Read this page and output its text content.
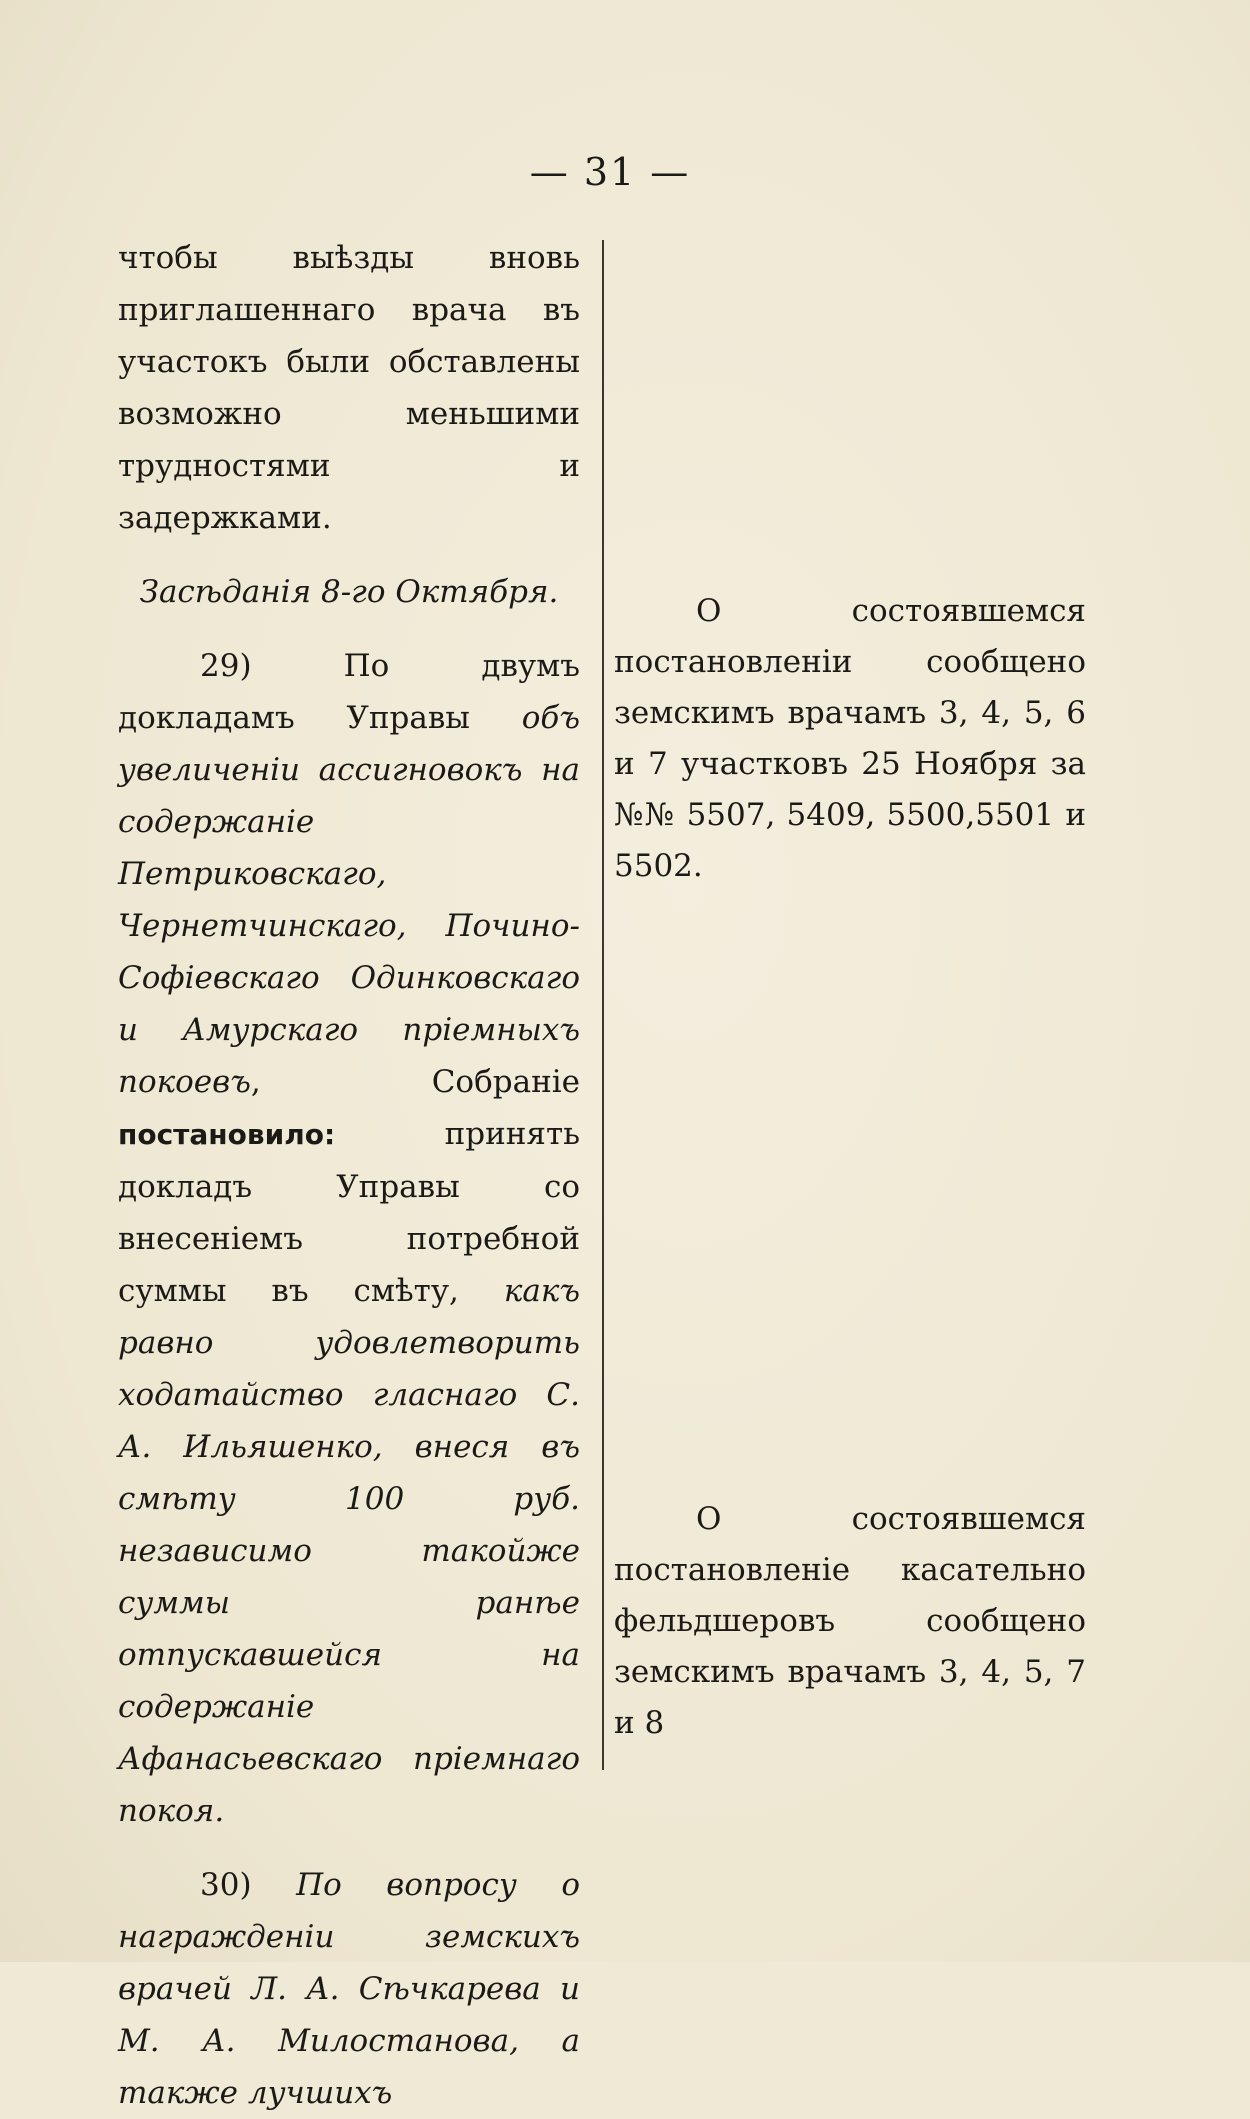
— 31 —

чтобы выѣзды вновь приглашеннаго врача въ участокъ были обставлены возможно меньшими трудностями и задержками.

Засѣданія 8-го Октября.

29) По двумъ докладамъ Управы объ увеличеніи ассигновокъ на содержаніе Петриковскаго, Чернетчинскаго, Почино-Софіевскаго Одинковскаго и Амурскаго пріемныхъ покоевъ, Собраніе постановило: принять докладъ Управы со внесеніемъ потребной суммы въ смѣту, какъ равно удовлетворить ходатайство гласнаго С. А. Ильяшенко, внеся въ смѣту 100 руб. независимо такойже суммы ранѣе отпускавшейся на содержаніе Афанасьевскаго пріемнаго покоя.

30) По вопросу о награжденіи земскихъ врачей Л. А. Сѣчкарева и М. А. Милостанова, а также лучшихъ

О состоявшемся постановленіи сообщено земскимъ врачамъ 3, 4, 5, 6 и 7 участковъ 25 Ноября за №№ 5507, 5409, 5500,5501 и 5502.

О состоявшемся постановленіе касательно фельдшеровъ сообщено земскимъ врачамъ 3, 4, 5, 7 и 8
